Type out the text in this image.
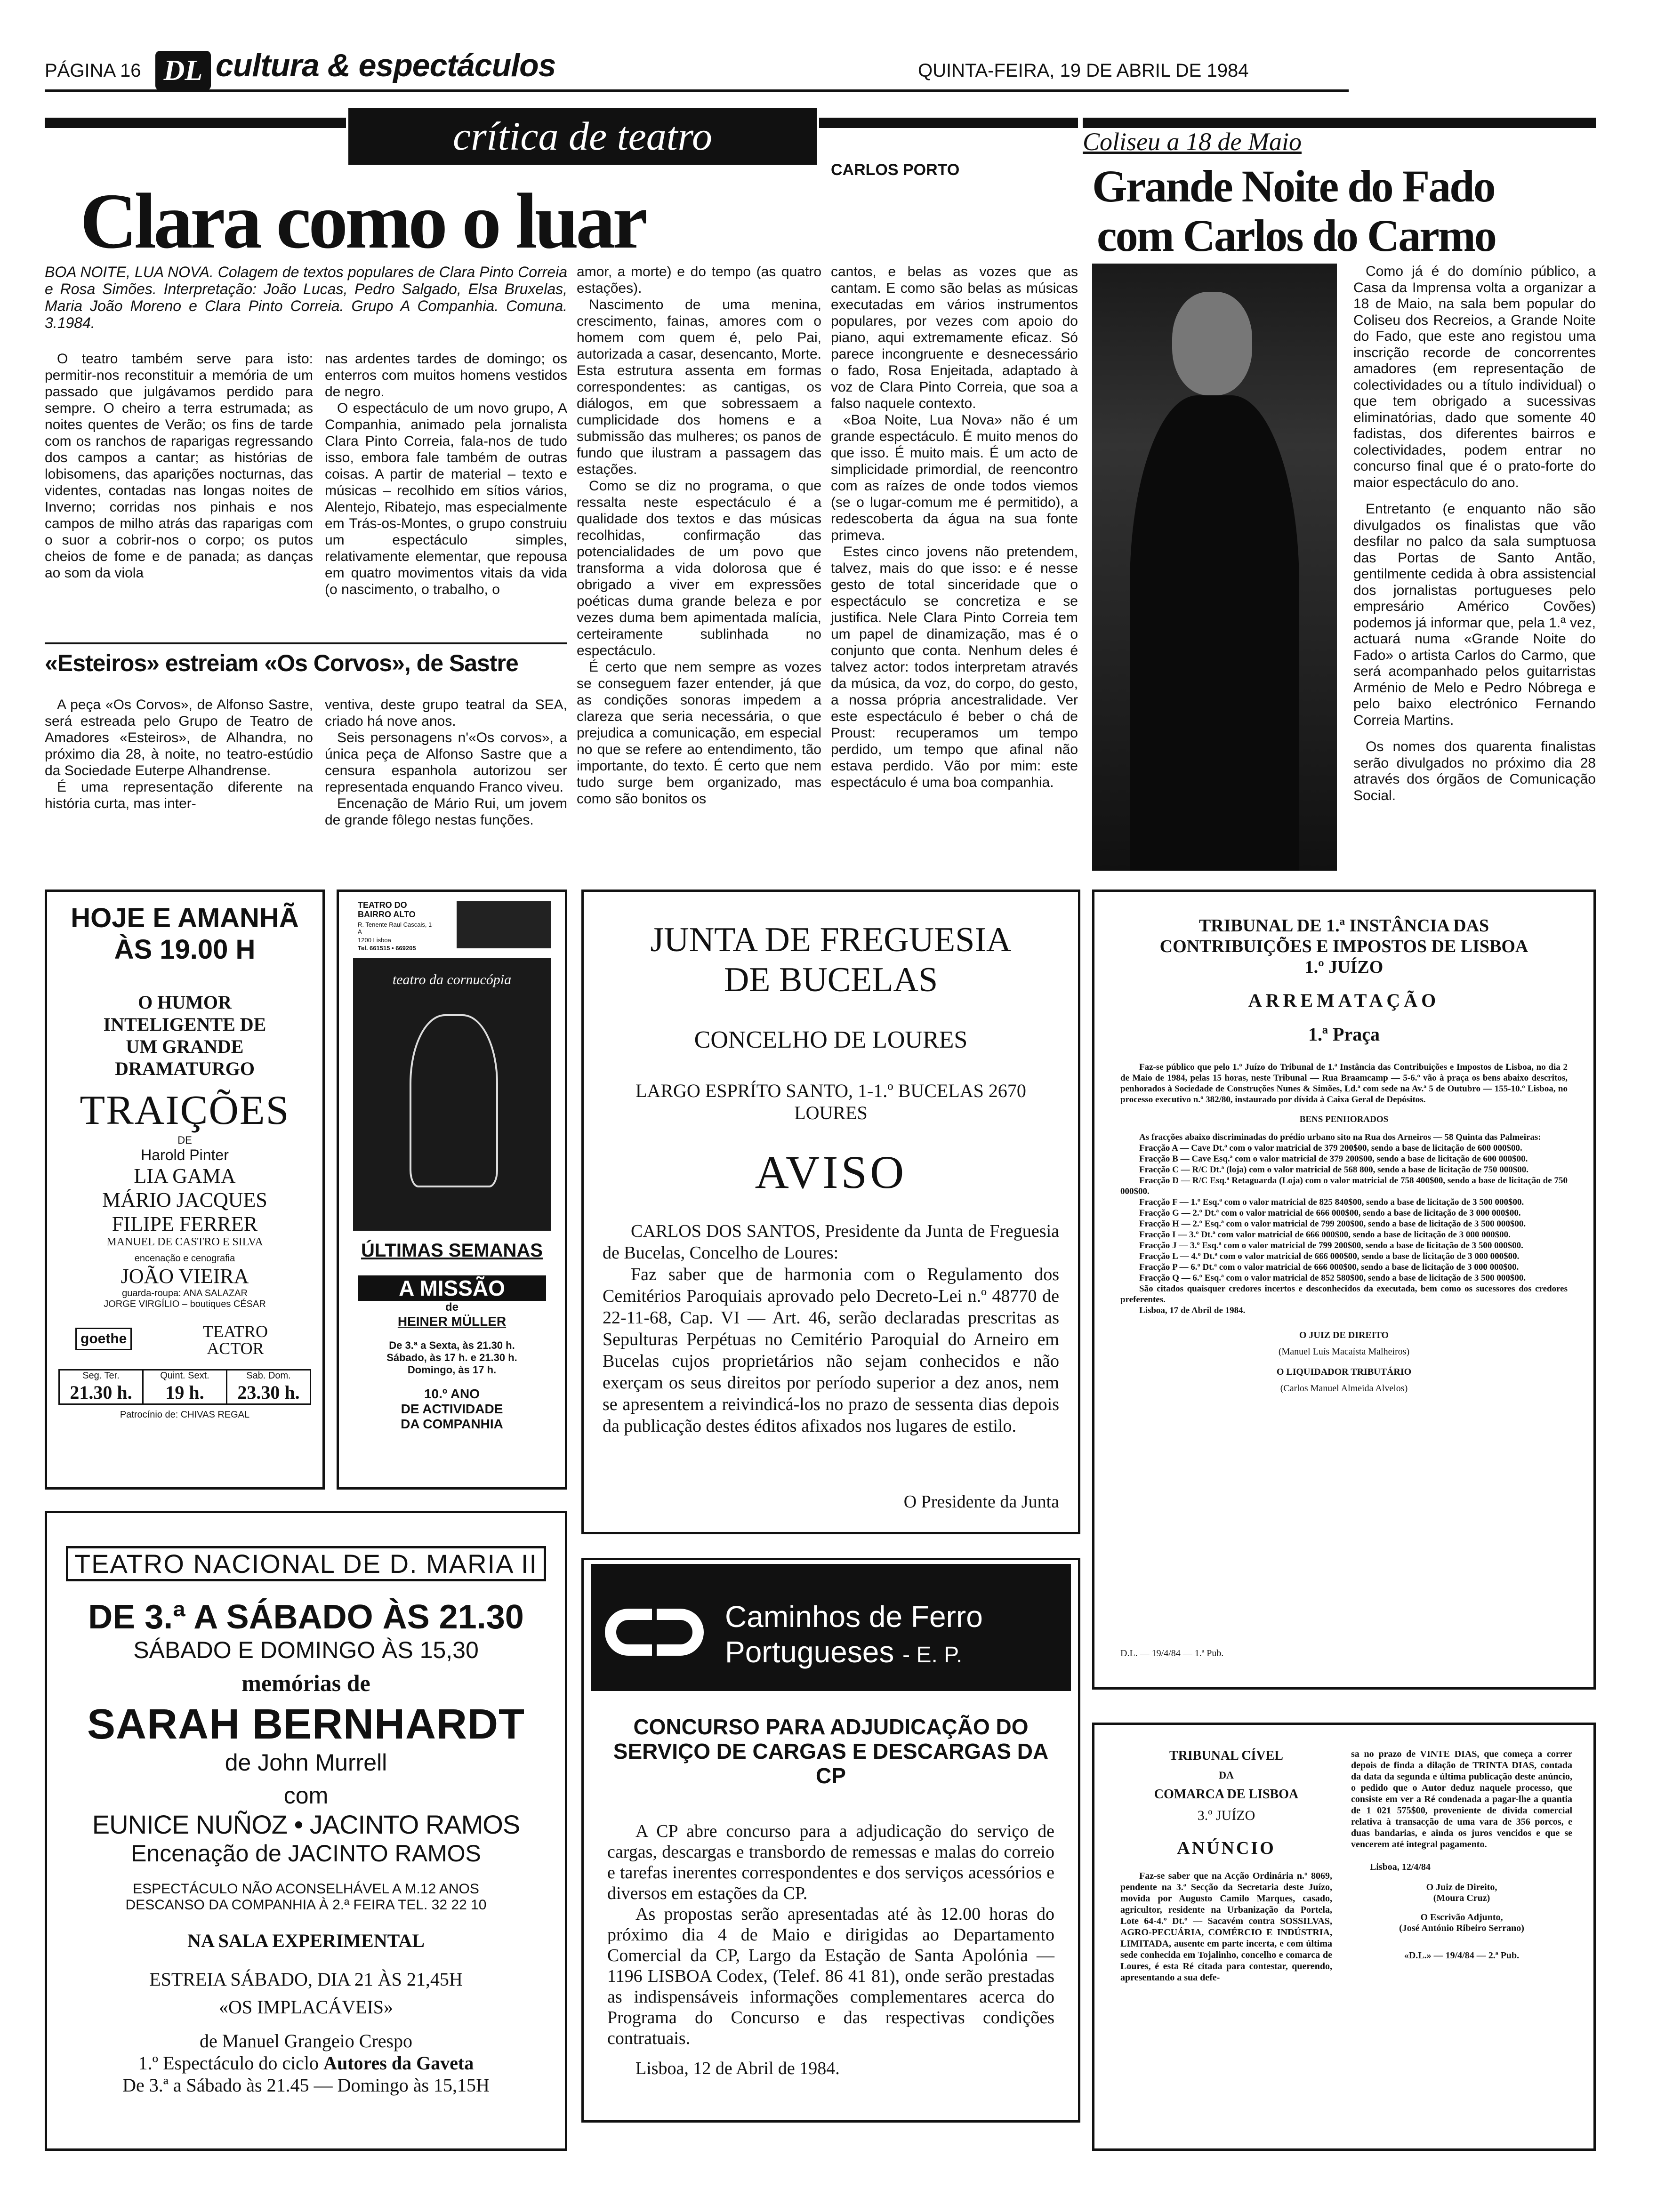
PÁGINA 16 DL cultura & espectáculos	QUINTA-FEIRA, 19 DE ABRIL DE 1984
crítica de teatro
CARLOS PORTO
Clara como o luar
BOA NOITE, LUA NOVA. Colagem de textos populares de Clara Pinto Correia e Rosa Simões. Interpretação: João Lucas, Pedro Salgado, Elsa Bruxelas, Maria João Moreno e Clara Pinto Correia. Grupo A Companhia. Comuna. 3.1984.

O teatro também serve para isto: permitir-nos reconstituir a memória de um passado que julgávamos perdido para sempre. O cheiro a terra estrumada; as noites quentes de Verão; os fins de tarde com os ranchos de raparigas regressando dos campos a cantar; as histórias de lobisomens, das aparições nocturnas, das videntes, contadas nas longas noites de Inverno; corridas nos pinhais e nos campos de milho atrás das raparigas com o suor a cobrir-nos o corpo; os putos cheios de fome e de panada; as danças ao som da viola

nas ardentes tardes de domingo; os enterros com muitos homens vestidos de negro.

O espectáculo de um novo grupo, A Companhia, animado pela jornalista Clara Pinto Correia, fala-nos de tudo isso, embora fale também de outras coisas. A partir de material – texto e músicas – recolhido em sítios vários, Alentejo, Ribatejo, mas especialmente em Trás-os-Montes, o grupo construiu um espectáculo simples, relativamente elementar, que repousa em quatro movimentos vitais da vida (o nascimento, o trabalho, o

amor, a morte) e do tempo (as quatro estações).

Nascimento de uma menina, crescimento, fainas, amores com o homem com quem é, pelo Pai, autorizada a casar, desencanto, Morte. Esta estrutura assenta em formas correspondentes: as cantigas, os diálogos, em que sobressaem a cumplicidade dos homens e a submissão das mulheres; os panos de fundo que ilustram a passagem das estações.

Como se diz no programa, o que ressalta neste espectáculo é a qualidade dos textos e das músicas recolhidas, confirmação das potencialidades de um povo que transforma a vida dolorosa que é obrigado a viver em expressões poéticas duma grande beleza e por vezes duma bem apimentada malícia, certeiramente sublinhada no espectáculo.

É certo que nem sempre as vozes se conseguem fazer entender, já que as condições sonoras impedem a clareza que seria necessária, o que prejudica a comunicação, em especial no que se refere ao entendimento, tão importante, do texto. É certo que nem tudo surge bem organizado, mas como são bonitos os

cantos, e belas as vozes que as cantam. E como são belas as músicas executadas em vários instrumentos populares, por vezes com apoio do piano, aqui extremamente eficaz. Só parece incongruente e desnecessário o fado, Rosa Enjeitada, adaptado à voz de Clara Pinto Correia, que soa a falso naquele contexto.

«Boa Noite, Lua Nova» não é um grande espectáculo. É muito menos do que isso. É muito mais. É um acto de simplicidade primordial, de reencontro com as raízes de onde todos viemos (se o lugar-comum me é permitido), a redescoberta da água na sua fonte primeva.

Estes cinco jovens não pretendem, talvez, mais do que isso: e é nesse gesto de total sinceridade que o espectáculo se concretiza e se justifica. Nele Clara Pinto Correia tem um papel de dinamização, mas é o conjunto que conta. Nenhum deles é talvez actor: todos interpretam através da música, da voz, do corpo, do gesto, a nossa própria ancestralidade. Ver este espectáculo é beber o chá de Proust: recuperamos um tempo perdido, um tempo que afinal não estava perdido. Vão por mim: este espectáculo é uma boa companhia.

«Esteiros» estreiam «Os Corvos», de Sastre

A peça «Os Corvos», de Alfonso Sastre, será estreada pelo Grupo de Teatro de Amadores «Esteiros», de Alhandra, no próximo dia 28, à noite, no teatro-estúdio da Sociedade Euterpe Alhandrense.

É uma representação diferente na história curta, mas inter-

ventiva, deste grupo teatral da SEA, criado há nove anos.

Seis personagens n'«Os corvos», a única peça de Alfonso Sastre que a censura espanhola autorizou ser representada enquando Franco viveu.

Encenação de Mário Rui, um jovem de grande fôlego nestas funções.

Coliseu a 18 de Maio
Grande Noite do Fado
com Carlos do Carmo

Como já é do domínio público, a Casa da Imprensa volta a organizar a 18 de Maio, na sala bem popular do Coliseu dos Recreios, a Grande Noite do Fado, que este ano registou uma inscrição recorde de concorrentes amadores (em representação de colectividades ou a título individual) o que tem obrigado a sucessivas eliminatórias, dado que somente 40 fadistas, dos diferentes bairros e colectividades, podem entrar no concurso final que é o prato-forte do maior espectáculo do ano.

Entretanto (e enquanto não são divulgados os finalistas que vão desfilar no palco da sala sumptuosa das Portas de Santo Antão, gentilmente cedida à obra assistencial dos jornalistas portugueses pelo empresário Américo Covões) podemos já informar que, pela 1.ª vez, actuará numa «Grande Noite do Fado» o artista Carlos do Carmo, que será acompanhado pelos guitarristas Arménio de Melo e Pedro Nóbrega e pelo baixo electrónico Fernando Correia Martins.

Os nomes dos quarenta finalistas serão divulgados no próximo dia 28 através dos órgãos de Comunicação Social.

HOJE E AMANHÃ
ÀS 19.00 H
O HUMOR
INTELIGENTE DE
UM GRANDE
DRAMATURGO
TRAIÇÕES
DE
Harold Pinter
LIA GAMA
MÁRIO JACQUES
FILIPE FERRER
MANUEL DE CASTRO E SILVA
encenação e cenografia
JOÃO VIEIRA
guarda-roupa: ANA SALAZAR
JORGE VIRGÍLIO – boutiques CÉSAR
goethe	TEATRO ACTOR
Seg. Ter.
21.30 h.
Quint. Sext.
19 h.
Sab. Dom.
23.30 h.
Patrocínio de: CHIVAS REGAL
TEATRO DO BAIRRO ALTO
R. Tenente Raul Cascais, 1-A
1200 Lisboa
Tel. 661515 • 669205
teatro da cornucópia
ÚLTIMAS SEMANAS
A MISSÃO
de
HEINER MÜLLER
De 3.ª a Sexta, às 21.30 h.
Sábado, às 17 h. e 21.30 h.
Domingo, às 17 h.
10.º ANO
DE ACTIVIDADE
DA COMPANHIA
JUNTA DE FREGUESIA
DE BUCELAS
CONCELHO DE LOURES
LARGO ESPRÍTO SANTO, 1-1.º BUCELAS 2670
LOURES
AVISO
CARLOS DOS SANTOS, Presidente da Junta de Freguesia de Bucelas, Concelho de Loures:
Faz saber que de harmonia com o Regulamento dos Cemitérios Paroquiais aprovado pelo Decreto-Lei n.º 48770 de 22-11-68, Cap. VI — Art. 46, serão declaradas prescritas as Sepulturas Perpétuas no Cemitério Paroquial do Arneiro em Bucelas cujos proprietários não sejam conhecidos e não exerçam os seus direitos por período superior a dez anos, nem se apresentem a reivindicá-los no prazo de sessenta dias depois da publicação destes éditos afixados nos lugares de estilo.
O Presidente da Junta
TRIBUNAL DE 1.ª INSTÂNCIA DAS
CONTRIBUIÇÕES E IMPOSTOS DE LISBOA
1.º JUÍZO
ARREMATAÇÃO
1.ª Praça
Faz-se público que pelo 1.º Juízo do Tribunal de 1.ª Instância das Contribuições e Impostos de Lisboa, no dia 2 de Maio de 1984, pelas 15 horas, neste Tribunal — Rua Braamcamp — 5-6.º vão à praça os bens abaixo descritos, penhorados à Sociedade de Construções Nunes & Simões, Ld.ª com sede na Av.ª 5 de Outubro — 155-10.º Lisboa, no processo executivo n.º 382/80, instaurado por dívida à Caixa Geral de Depósitos.
BENS PENHORADOS
As fracções abaixo discriminadas do prédio urbano sito na Rua dos Arneiros — 58 Quinta das Palmeiras:
Fracção A — Cave Dt.ª com o valor matricial de 379 200$00, sendo a base de licitação de 600 000$00.
Fracção B — Cave Esq.ª com o valor matricial de 379 200$00, sendo a base de licitação de 600 000$00.
Fracção C — R/C Dt.ª (loja) com o valor matricial de 568 800, sendo a base de licitação de 750 000$00.
Fracção D — R/C Esq.ª Retaguarda (Loja) com o valor matricial de 758 400$00, sendo a base de licitação de 750 000$00.
Fracção F — 1.º Esq.ª com o valor matricial de 825 840$00, sendo a base de licitação de 3 500 000$00.
Fracção G — 2.º Dt.ª com o valor matricial de 666 000$00, sendo a base de licitação de 3 000 000$00.
Fracção H — 2.º Esq.ª com o valor matricial de 799 200$00, sendo a base de licitação de 3 500 000$00.
Fracção I — 3.º Dt.ª com valor matricial de 666 000$00, sendo a base de licitação de 3 000 000$00.
Fracção J — 3.º Esq.ª com o valor matricial de 799 200$00, sendo a base de licitação de 3 500 000$00.
Fracção L — 4.º Dt.ª com o valor matricial de 666 000$00, sendo a base de licitação de 3 000 000$00.
Fracção P — 6.º Dt.ª com o valor matricial de 666 000$00, sendo a base de licitação de 3 000 000$00.
Fracção Q — 6.º Esq.ª com o valor matricial de 852 580$00, sendo a base de licitação de 3 500 000$00.
São citados quaisquer credores incertos e desconhecidos da executada, bem como os sucessores dos credores preferentes.
Lisboa, 17 de Abril de 1984.
O JUIZ DE DIREITO
(Manuel Luís Macaísta Malheiros)
O LIQUIDADOR TRIBUTÁRIO
(Carlos Manuel Almeida Alvelos)
D.L. — 19/4/84 — 1.ª Pub.
TEATRO NACIONAL DE D. MARIA II
DE 3.ª A SÁBADO ÀS 21.30
SÁBADO E DOMINGO ÀS 15,30
memórias de
SARAH BERNHARDT
de John Murrell
com
EUNICE NUÑOZ • JACINTO RAMOS
Encenação de JACINTO RAMOS
ESPECTÁCULO NÃO ACONSELHÁVEL A M.12 ANOS
DESCANSO DA COMPANHIA À 2.ª FEIRA TEL. 32 22 10
NA SALA EXPERIMENTAL
ESTREIA SÁBADO, DIA 21 ÀS 21,45H
«OS IMPLACÁVEIS»
de Manuel Grangeio Crespo
1.º Espectáculo do ciclo Autores da Gaveta
De 3.ª a Sábado às 21.45 — Domingo às 15,15H
Caminhos de Ferro
Portugueses - E. P.
CONCURSO PARA ADJUDICAÇÃO DO SERVIÇO DE CARGAS E DESCARGAS DA CP
A CP abre concurso para a adjudicação do serviço de cargas, descargas e transbordo de remessas e malas do correio e tarefas inerentes correspondentes e dos serviços acessórios e diversos em estações da CP.
As propostas serão apresentadas até às 12.00 horas do próximo dia 4 de Maio e dirigidas ao Departamento Comercial da CP, Largo da Estação de Santa Apolónia — 1196 LISBOA Codex, (Telef. 86 41 81), onde serão prestadas as indispensáveis informações complementares acerca do Programa do Concurso e das respectivas condições contratuais.
Lisboa, 12 de Abril de 1984.
TRIBUNAL CÍVEL
DA
COMARCA DE LISBOA
3.º JUÍZO
ANÚNCIO
Faz-se saber que na Acção Ordinária n.º 8069, pendente na 3.ª Secção da Secretaria deste Juízo, movida por Augusto Camilo Marques, casado, agricultor, residente na Urbanização da Portela, Lote 64-4.º Dt.º — Sacavém contra SOSSILVAS, AGRO-PECUÁRIA, COMÉRCIO E INDÚSTRIA, LIMITADA, ausente em parte incerta, e com última sede conhecida em Tojalinho, concelho e comarca de Loures, é esta Ré citada para contestar, querendo, apresentando a sua defe-
sa no prazo de VINTE DIAS, que começa a correr depois de finda a dilação de TRINTA DIAS, contada da data da segunda e última publicação deste anúncio, o pedido que o Autor deduz naquele processo, que consiste em ver a Ré condenada a pagar-lhe a quantia de 1 021 575$00, proveniente de dívida comercial relativa à transacção de uma vara de 356 porcos, e duas bandarias, e ainda os juros vencidos e que se vencerem até integral pagamento.
Lisboa, 12/4/84
O Juiz de Direito,
(Moura Cruz)
O Escrivão Adjunto,
(José António Ribeiro Serrano)
«D.L.» — 19/4/84 — 2.ª Pub.
